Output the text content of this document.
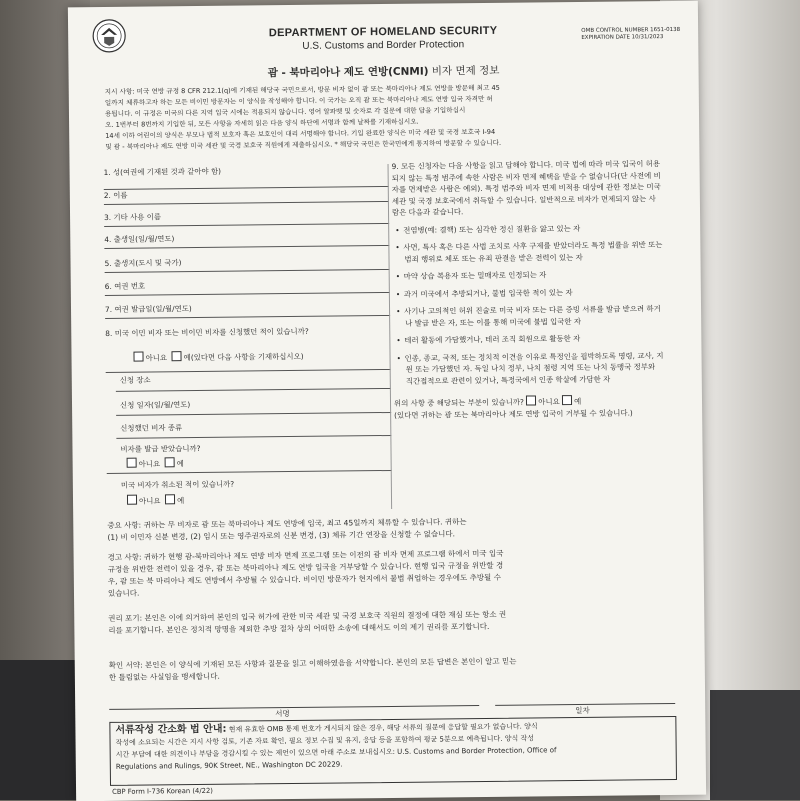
DEPARTMENT OF HOMELAND SECURITY
U.S. Customs and Border Protection
OMB CONTROL NUMBER 1651-0138
EXPIRATION DATE 10/31/2023
괌 - 북마리아나 제도 연방(CNMI) 비자 면제 정보
지시 사항: 미국 연방 규정 8 CFR 212.1(q)에 기재된 해당국 국민으로서, 방문 비자 없이 괌 또는 북마리아나 제도 연방을 방문해 최고 45
일까지 체류하고자 하는 모든 비이민 방문자는 이 양식을 작성해야 합니다. 이 국가는 오직 괌 또는 북마리아나 제도 연방 입국 자격만 허
용됩니다. 이 규정은 미국의 다른 지역 입국 시에는 적용되지 않습니다. 영어 알파벳 및 숫자로 각 질문에 대한 답을 기입하십시
오. 1번부터 8번까지 기입한 뒤, 모든 사항을 자세히 읽은 다음 양식 하단에 서명과 함께 날짜를 기재하십시오.
14세 이하 어린이의 양식은 부모나 법적 보호자 혹은 보호인이 대리 서명해야 합니다. 기입 완료한 양식은 미국 세관 및 국경 보호국 I-94
및 괌 - 북마리아나 제도 연방 미국 세관 및 국경 보호국 직원에게 제출하십시오. * 해당국 국민은 한국민에게 통지하여 방문할 수 있습니다.
1. 성(여권에 기재된 것과 같아야 함)
2. 이름
3. 기타 사용 이름
4. 출생일(일/월/연도)
5. 출생지(도시 및 국가)
6. 여권 번호
7. 여권 발급일(일/월/연도)
8. 미국 이민 비자 또는 비이민 비자를 신청했던 적이 있습니까?
아니요 예(있다면 다음 사항을 기재하십시오)
신청 장소
신청 일자(일/월/연도)
신청했던 비자 종류
비자를 발급 받았습니까?
아니요 예
미국 비자가 취소된 적이 있습니까?
아니요 예
9. 모든 신청자는 다음 사항을 읽고 답해야 합니다. 미국 법에 따라 미국 입국이 허용되지 않는 특정 범주에 속한 사람은 비자 면제 혜택을 받을 수 없습니다(단 사전에 비자를 면제받은 사람은 예외). 특정 범주와 비자 면제 비적용 대상에 관한 정보는 미국 세관 및 국경 보호국에서 취득할 수 있습니다. 일반적으로 비자가 면제되지 않는 사람은 다음과 같습니다.
• 전염병(예: 결핵) 또는 심각한 정신 질환을 앓고 있는 자
• 사면, 특사 혹은 다른 사법 조치로 사후 구제를 받았더라도 특정 법률을 위반 또는 범죄 행위로 체포 또는 유죄 판결을 받은 전력이 있는 자
• 마약 상습 복용자 또는 밀매자로 인정되는 자
• 과거 미국에서 추방되거나, 불법 입국한 적이 있는 자
• 사기나 고의적인 허위 진술로 미국 비자 또는 다른 증빙 서류를 발급 받으려 하거나 발급 받은 자, 또는 이를 통해 미국에 불법 입국한 자
• 테러 활동에 가담했거나, 테러 조직 회원으로 활동한 자
• 인종, 종교, 국적, 또는 정치적 이견을 이유로 특정인을 핍박하도록 명령, 교사, 지원 또는 가담했던 자. 독일 나치 정부, 나치 점령 지역 또는 나치 동맹국 정부와 직간접적으로 관련이 있거나, 특정국에서 인종 학살에 가담한 자
위의 사항 중 해당되는 부분이 있습니까? 아니요 예
(있다면 귀하는 괌 또는 북마리아나 제도 연방 입국이 거부될 수 있습니다.)
중요 사항: 귀하는 무 비자로 괌 또는 북마리아나 제도 연방에 입국, 최고 45일까지 체류할 수 있습니다. 귀하는
(1) 비 이민자 신분 변경, (2) 임시 또는 영주권자로의 신분 변경, (3) 체류 기간 연장을 신청할 수 없습니다.
경고 사항: 귀하가 현행 괌-북마리아나 제도 연방 비자 면제 프로그램 또는 이전의 괌 비자 면제 프로그램 하에서 미국 입국
규정을 위반한 전력이 있을 경우, 괌 또는 북마리아나 제도 연방 입국을 거부당할 수 있습니다. 현행 입국 규정을 위반할 경
우, 괌 또는 북 마리아나 제도 연방에서 추방될 수 있습니다. 비이민 방문자가 현지에서 불법 취업하는 경우에도 추방될 수
있습니다.
권리 포기: 본인은 이에 의거하여 본인의 입국 허가에 관한 미국 세관 및 국경 보호국 직원의 결정에 대한 재심 또는 항소 권
리를 포기합니다. 본인은 정치적 망명을 제외한 추방 절차 상의 어떠한 소송에 대해서도 이의 제기 권리를 포기합니다.
확인 서약: 본인은 이 양식에 기재된 모든 사항과 질문을 읽고 이해하였음을 서약합니다. 본인의 모든 답변은 본인이 알고 믿는
한 틀림없는 사실임을 맹세합니다.
서명	일자
서류작성 간소화 법 안내: 현재 유효한 OMB 통제 번호가 게시되지 않은 경우, 해당 서류의 질문에 응답할 필요가 없습니다. 양식
작성에 소요되는 시간은 지시 사항 검토, 기존 자료 확인, 필요 정보 수집 및 유지, 응답 등을 포함하여 평균 5분으로 예측됩니다. 양식 작성
시간 부담에 대한 의견이나 부담을 경감시킬 수 있는 제언이 있으면 아래 주소로 보내십시오: U.S. Customs and Border Protection, Office of
Regulations and Rulings, 90K Street, NE., Washington DC 20229.
CBP Form I-736 Korean (4/22)
